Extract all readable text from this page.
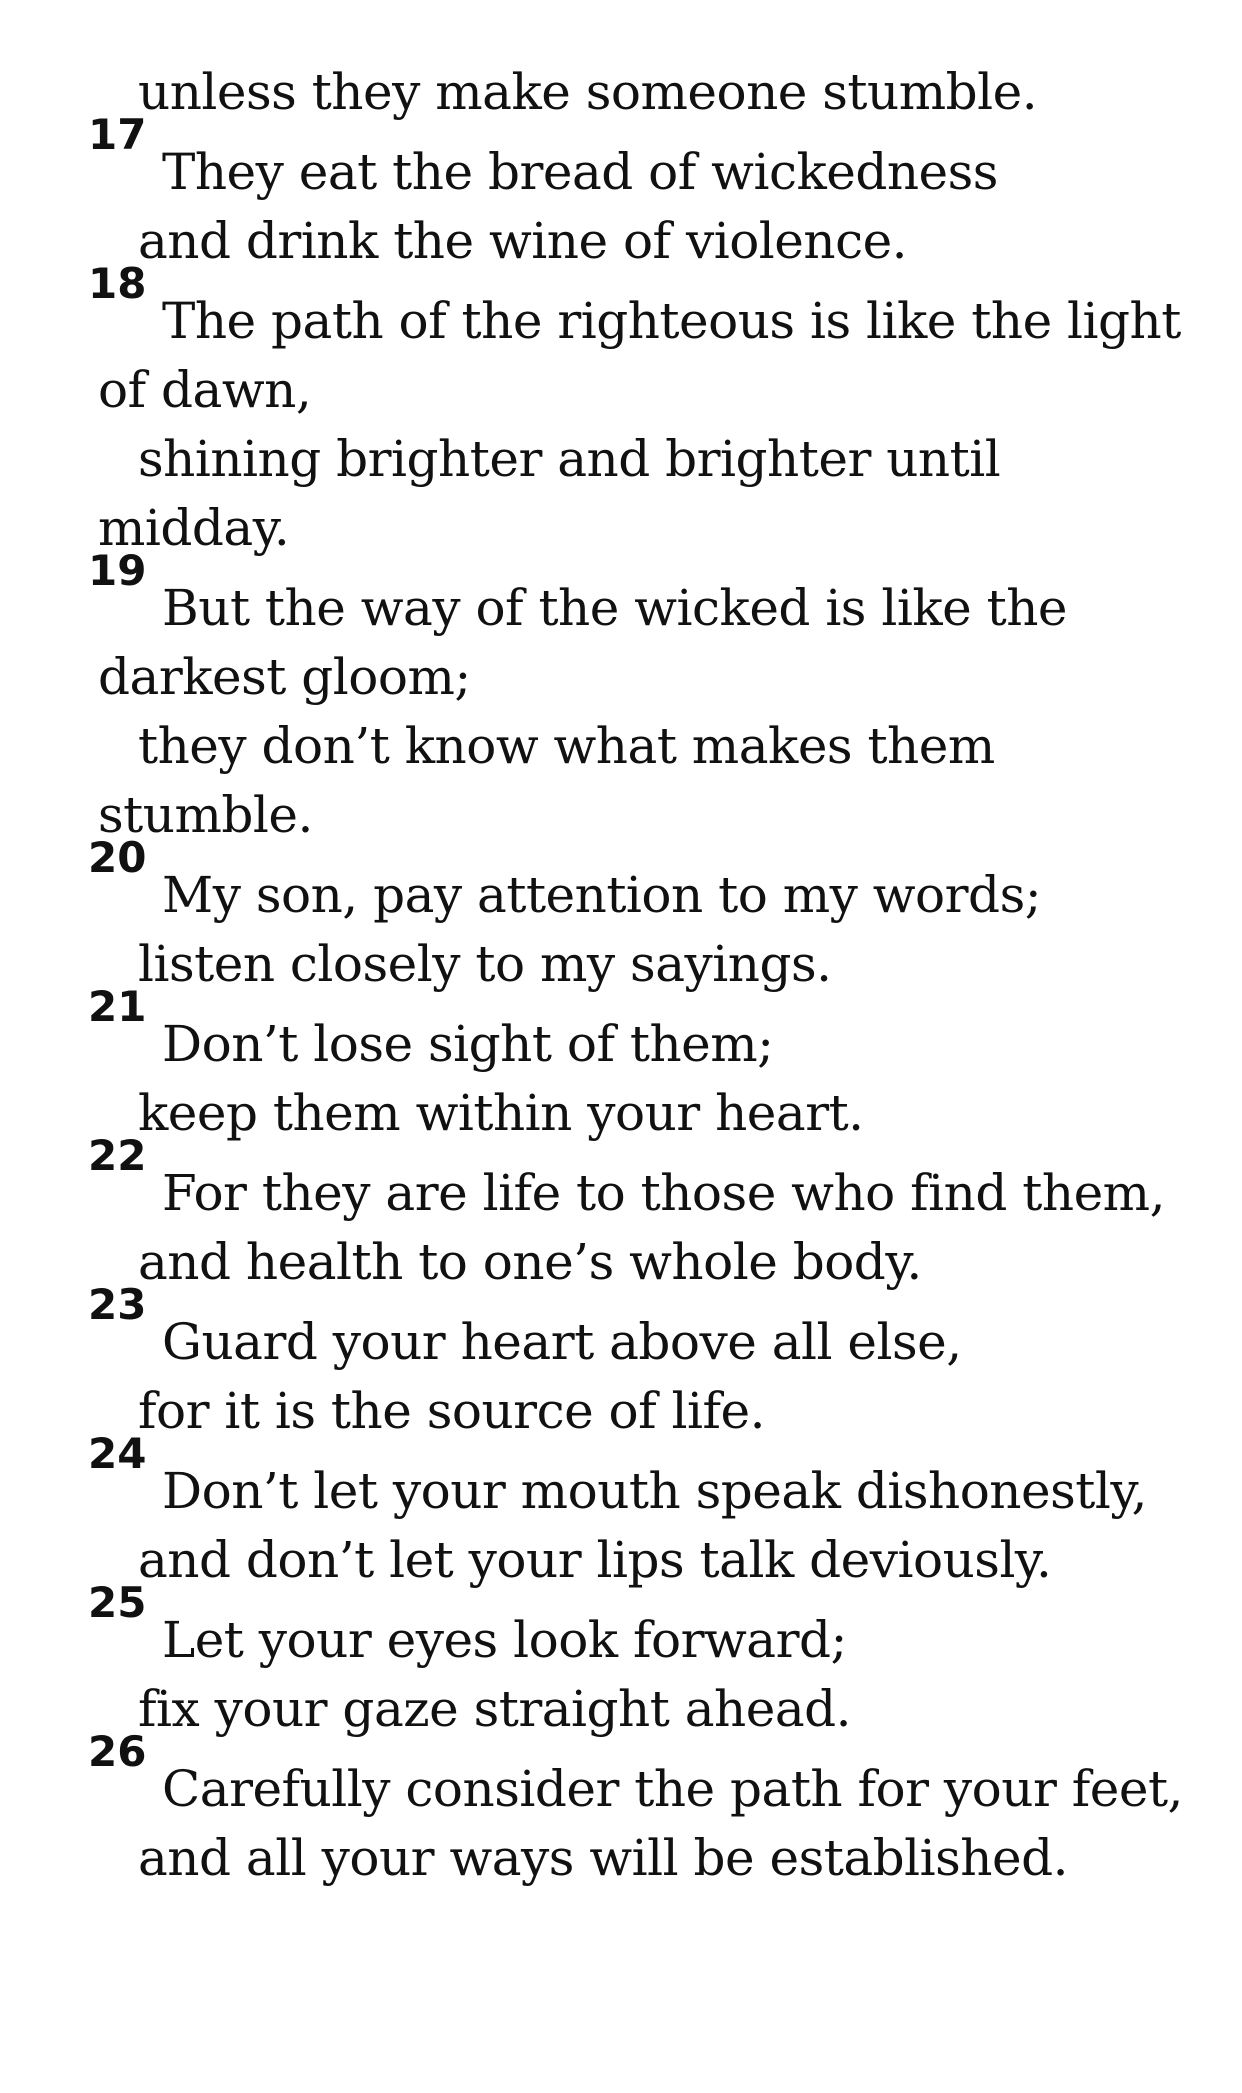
unless they make someone stumble.
17
They eat the bread of wickedness
and drink the wine of violence.
18
The path of the righteous is like the light
of dawn,
shining brighter and brighter until
midday.
19
But the way of the wicked is like the
darkest gloom;
they don’t know what makes them
stumble.
20
My son, pay attention to my words;
listen closely to my sayings.
21
Don’t lose sight of them;
keep them within your heart.
22
For they are life to those who find them,
and health to one’s whole body.
23
Guard your heart above all else,
for it is the source of life.
24
Don’t let your mouth speak dishonestly,
and don’t let your lips talk deviously.
25
Let your eyes look forward;
fix your gaze straight ahead.
26
Carefully consider the path for your feet,
and all your ways will be established.
